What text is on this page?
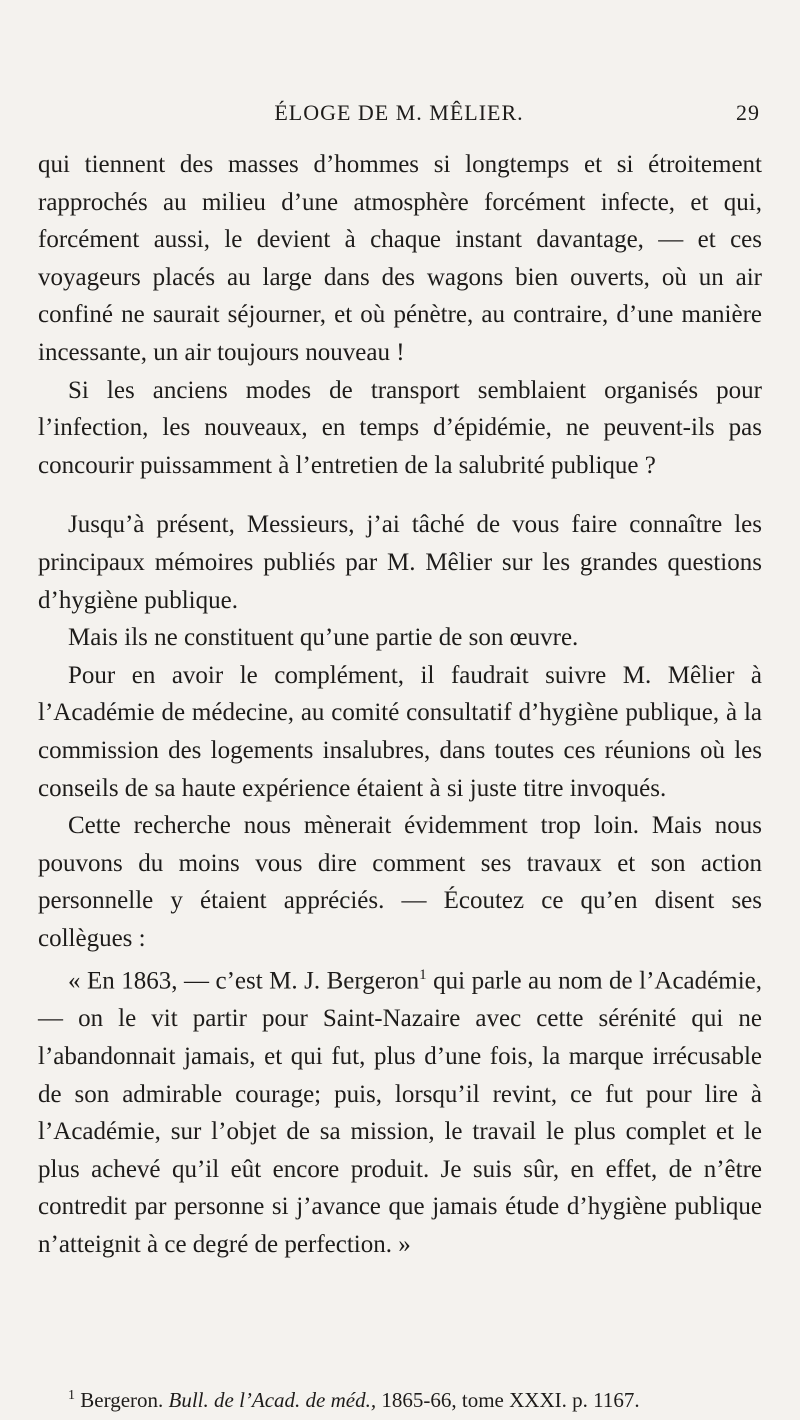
ÉLOGE DE M. MÊLIER.	29

qui tiennent des masses d’hommes si longtemps et si étroitement rapprochés au milieu d’une atmosphère forcément infecte, et qui, forcément aussi, le devient à chaque instant davantage, — et ces voyageurs placés au large dans des wagons bien ouverts, où un air confiné ne saurait séjourner, et où pénètre, au contraire, d’une manière incessante, un air toujours nouveau !

Si les anciens modes de transport semblaient organisés pour l’infection, les nouveaux, en temps d’épidémie, ne peuvent-ils pas concourir puissamment à l’entretien de la salubrité publique ?

Jusqu’à présent, Messieurs, j’ai tâché de vous faire connaître les principaux mémoires publiés par M. Mêlier sur les grandes questions d’hygiène publique.

Mais ils ne constituent qu’une partie de son œuvre.

Pour en avoir le complément, il faudrait suivre M. Mêlier à l’Académie de médecine, au comité consultatif d’hygiène publique, à la commission des logements insalubres, dans toutes ces réunions où les conseils de sa haute expérience étaient à si juste titre invoqués.

Cette recherche nous mènerait évidemment trop loin. Mais nous pouvons du moins vous dire comment ses travaux et son action personnelle y étaient appréciés. — Écoutez ce qu’en disent ses collègues :

« En 1863, — c’est M. J. Bergeron$^1$ qui parle au nom de l’Académie, — on le vit partir pour Saint-Nazaire avec cette sérénité qui ne l’abandonnait jamais, et qui fut, plus d’une fois, la marque irrécusable de son admirable courage; puis, lorsqu’il revint, ce fut pour lire à l’Académie, sur l’objet de sa mission, le travail le plus complet et le plus achevé qu’il eût encore produit. Je suis sûr, en effet, de n’être contredit par personne si j’avance que jamais étude d’hygiène publique n’atteignit à ce degré de perfection. »

$^1$ Bergeron. Bull. de l’Acad. de méd., 1865-66, tome XXXI. p. 1167.
